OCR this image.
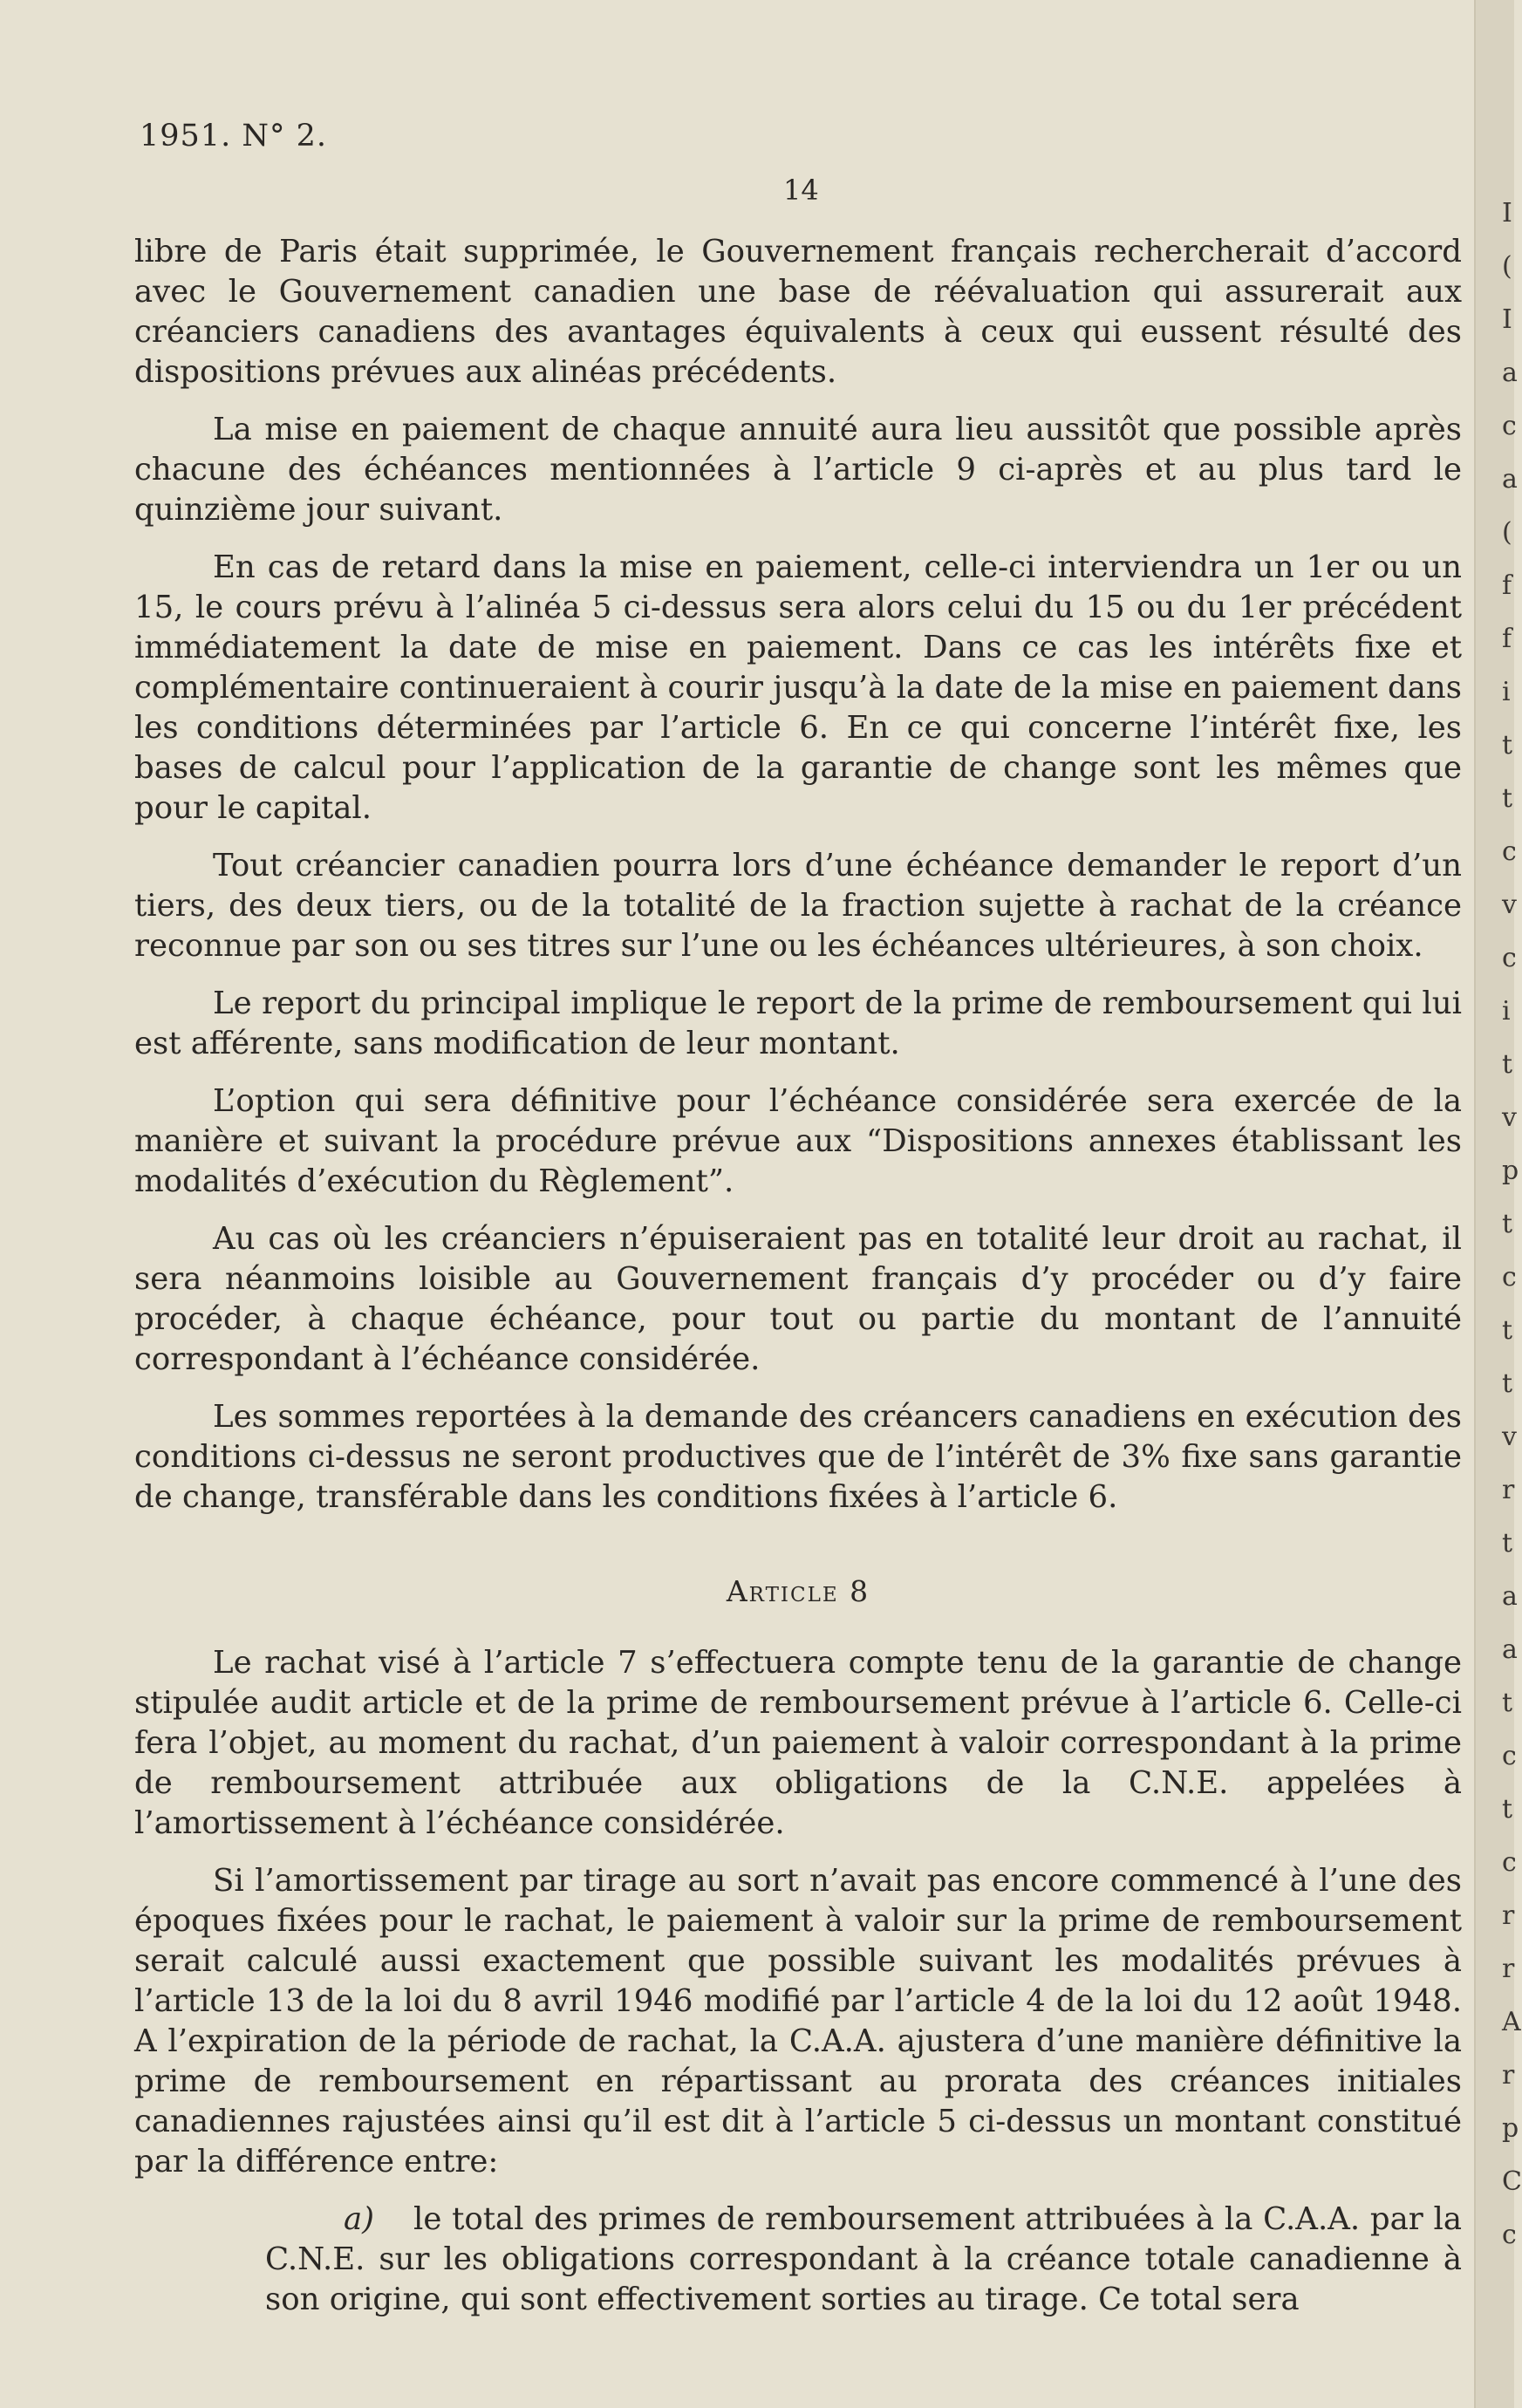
I
(
I
a
c
a
(
f
f
i
t
t
c
v
c
i
t
v
p
t
c
t
t
v
r
t
a
a
t
c
t
c
r
r
A
r
p
C
c
1951. N° 2.
14

libre de Paris était supprimée, le Gouvernement français rechercherait d’accord avec le Gouvernement canadien une base de réévaluation qui assurerait aux créanciers canadiens des avantages équivalents à ceux qui eussent résulté des dispositions prévues aux alinéas précédents.

La mise en paiement de chaque annuité aura lieu aussitôt que possible après chacune des échéances mentionnées à l’article 9 ci-après et au plus tard le quinzième jour suivant.

En cas de retard dans la mise en paiement, celle-ci interviendra un 1er ou un 15, le cours prévu à l’alinéa 5 ci-dessus sera alors celui du 15 ou du 1er précédent immédiatement la date de mise en paiement. Dans ce cas les intérêts fixe et complémentaire continueraient à courir jusqu’à la date de la mise en paiement dans les conditions déterminées par l’article 6. En ce qui concerne l’intérêt fixe, les bases de calcul pour l’application de la garantie de change sont les mêmes que pour le capital.

Tout créancier canadien pourra lors d’une échéance demander le report d’un tiers, des deux tiers, ou de la totalité de la fraction sujette à rachat de la créance reconnue par son ou ses titres sur l’une ou les échéances ultérieures, à son choix.

Le report du principal implique le report de la prime de remboursement qui lui est afférente, sans modification de leur montant.

L’option qui sera définitive pour l’échéance considérée sera exercée de la manière et suivant la procédure prévue aux “Dispositions annexes établissant les modalités d’exécution du Règlement”.

Au cas où les créanciers n’épuiseraient pas en totalité leur droit au rachat, il sera néanmoins loisible au Gouvernement français d’y procéder ou d’y faire procéder, à chaque échéance, pour tout ou partie du montant de l’annuité correspondant à l’échéance considérée.

Les sommes reportées à la demande des créancers canadiens en exécution des conditions ci-dessus ne seront productives que de l’intérêt de 3% fixe sans garantie de change, transférable dans les conditions fixées à l’article 6.

Article 8

Le rachat visé à l’article 7 s’effectuera compte tenu de la garantie de change stipulée audit article et de la prime de remboursement prévue à l’article 6. Celle-ci fera l’objet, au moment du rachat, d’un paiement à valoir correspondant à la prime de remboursement attribuée aux obligations de la C.N.E. appelées à l’amortissement à l’échéance considérée.

Si l’amortissement par tirage au sort n’avait pas encore commencé à l’une des époques fixées pour le rachat, le paiement à valoir sur la prime de remboursement serait calculé aussi exactement que possible suivant les modalités prévues à l’article 13 de la loi du 8 avril 1946 modifié par l’article 4 de la loi du 12 août 1948. A l’expiration de la période de rachat, la C.A.A. ajustera d’une manière définitive la prime de remboursement en répartissant au prorata des créances initiales canadiennes rajustées ainsi qu’il est dit à l’article 5 ci-dessus un montant constitué par la différence entre:

a) le total des primes de remboursement attribuées à la C.A.A. par la C.N.E. sur les obligations correspondant à la créance totale canadienne à son origine, qui sont effectivement sorties au tirage. Ce total sera
